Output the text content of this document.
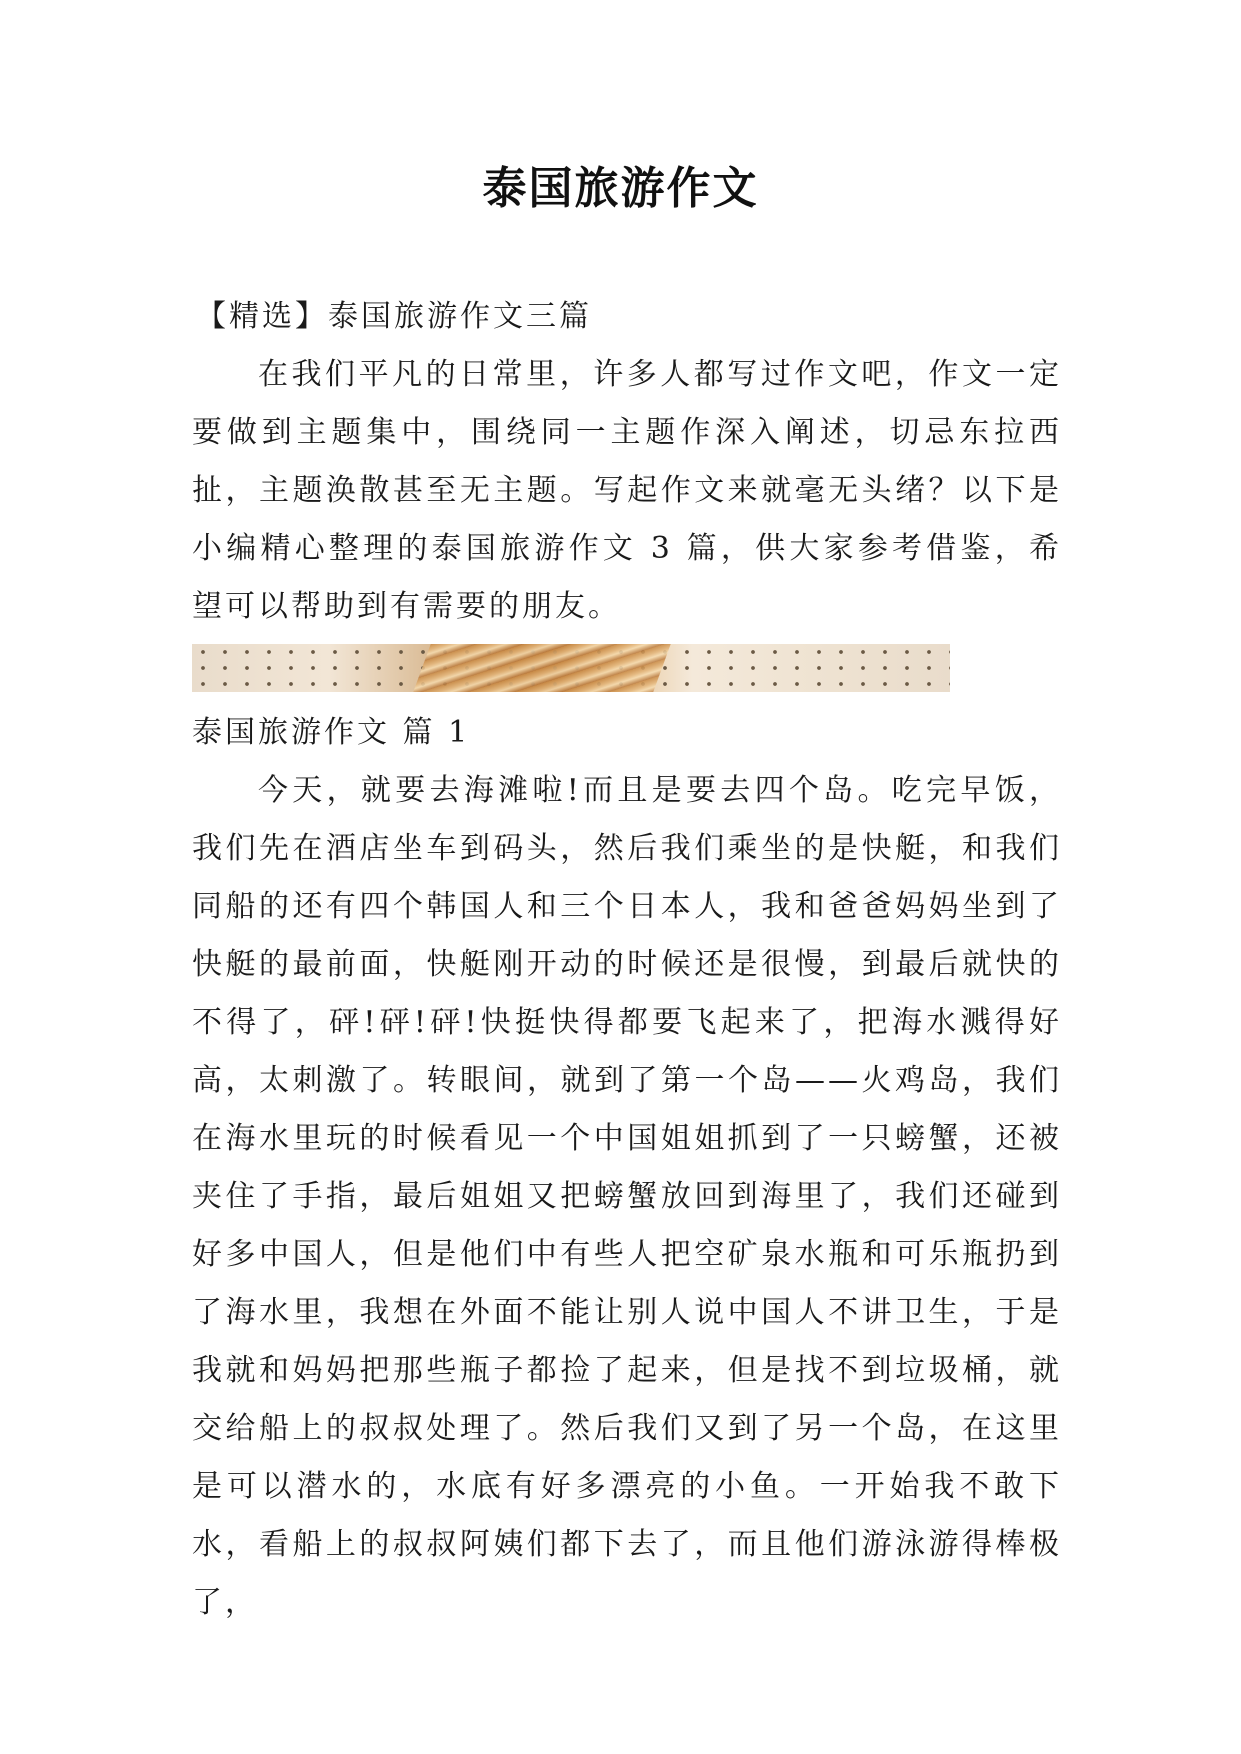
泰国旅游作文
【精选】泰国旅游作文三篇

在我们平凡的日常里，许多人都写过作文吧，作文一定要做到主题集中，围绕同一主题作深入阐述，切忌东拉西扯，主题涣散甚至无主题。写起作文来就毫无头绪？以下是小编精心整理的泰国旅游作文 3 篇，供大家参考借鉴，希望可以帮助到有需要的朋友。

泰国旅游作文 篇 1

今天，就要去海滩啦!而且是要去四个岛。吃完早饭，我们先在酒店坐车到码头，然后我们乘坐的是快艇，和我们同船的还有四个韩国人和三个日本人，我和爸爸妈妈坐到了快艇的最前面，快艇刚开动的时候还是很慢，到最后就快的不得了，砰!砰!砰!快挺快得都要飞起来了，把海水溅得好高，太刺激了。转眼间，就到了第一个岛——火鸡岛，我们在海水里玩的时候看见一个中国姐姐抓到了一只螃蟹，还被夹住了手指，最后姐姐又把螃蟹放回到海里了，我们还碰到好多中国人，但是他们中有些人把空矿泉水瓶和可乐瓶扔到了海水里，我想在外面不能让别人说中国人不讲卫生，于是我就和妈妈把那些瓶子都捡了起来，但是找不到垃圾桶，就交给船上的叔叔处理了。然后我们又到了另一个岛，在这里是可以潜水的，水底有好多漂亮的小鱼。一开始我不敢下水，看船上的叔叔阿姨们都下去了，而且他们游泳游得棒极了，
